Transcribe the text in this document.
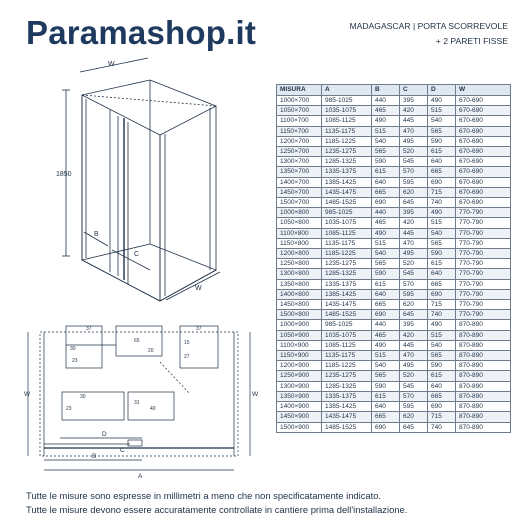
Paramashop.it	MADAGASCAR | PORTA SCORREVOLE
+ 2 PARETI FISSE
1850
W
W
B
C
A
B
C
D
W	W
37
30
23
65
20
37
15
27
30
23	40
31
MISURA	A	B	C	D	W
1000×700	985-1025	440	395	490	670-690
1050×700	1035-1075	465	420	515	670-690
1100×700	1085-1125	490	445	540	670-690
1150×700	1135-1175	515	470	565	670-690
1200×700	1185-1225	540	495	590	670-690
1250×700	1235-1275	565	520	615	670-690
1300×700	1285-1325	590	545	640	670-690
1350×700	1335-1375	615	570	665	670-690
1400×700	1385-1425	640	595	690	670-690
1450×700	1435-1475	665	620	715	670-690
1500×700	1485-1525	690	645	740	670-690
1000×800	985-1025	440	395	490	770-790
1050×800	1035-1075	465	420	515	770-790
1100×800	1085-1125	490	445	540	770-790
1150×800	1135-1175	515	470	565	770-790
1200×800	1185-1225	540	495	590	770-790
1250×800	1235-1275	565	520	615	770-790
1300×800	1285-1325	590	545	640	770-790
1350×800	1335-1375	615	570	665	770-790
1400×800	1385-1425	640	595	690	770-790
1450×800	1435-1475	665	620	715	770-790
1500×800	1485-1525	690	645	740	770-790
1000×900	985-1025	440	395	490	870-890
1050×900	1035-1075	465	420	515	870-890
1100×900	1085-1125	490	445	540	870-890
1150×900	1135-1175	515	470	565	870-890
1200×900	1185-1225	540	495	590	870-890
1250×900	1235-1275	565	520	615	870-890
1300×900	1285-1325	590	545	640	870-890
1350×900	1335-1375	615	570	665	870-890
1400×900	1385-1425	640	595	690	870-890
1450×900	1435-1475	665	620	715	870-890
1500×900	1485-1525	690	645	740	870-890
Tutte le misure sono espresse in millimetri a meno che non specificatamente indicato.
Tutte le misure devono essere accuratamente controllate in cantiere prima dell'installazione.
